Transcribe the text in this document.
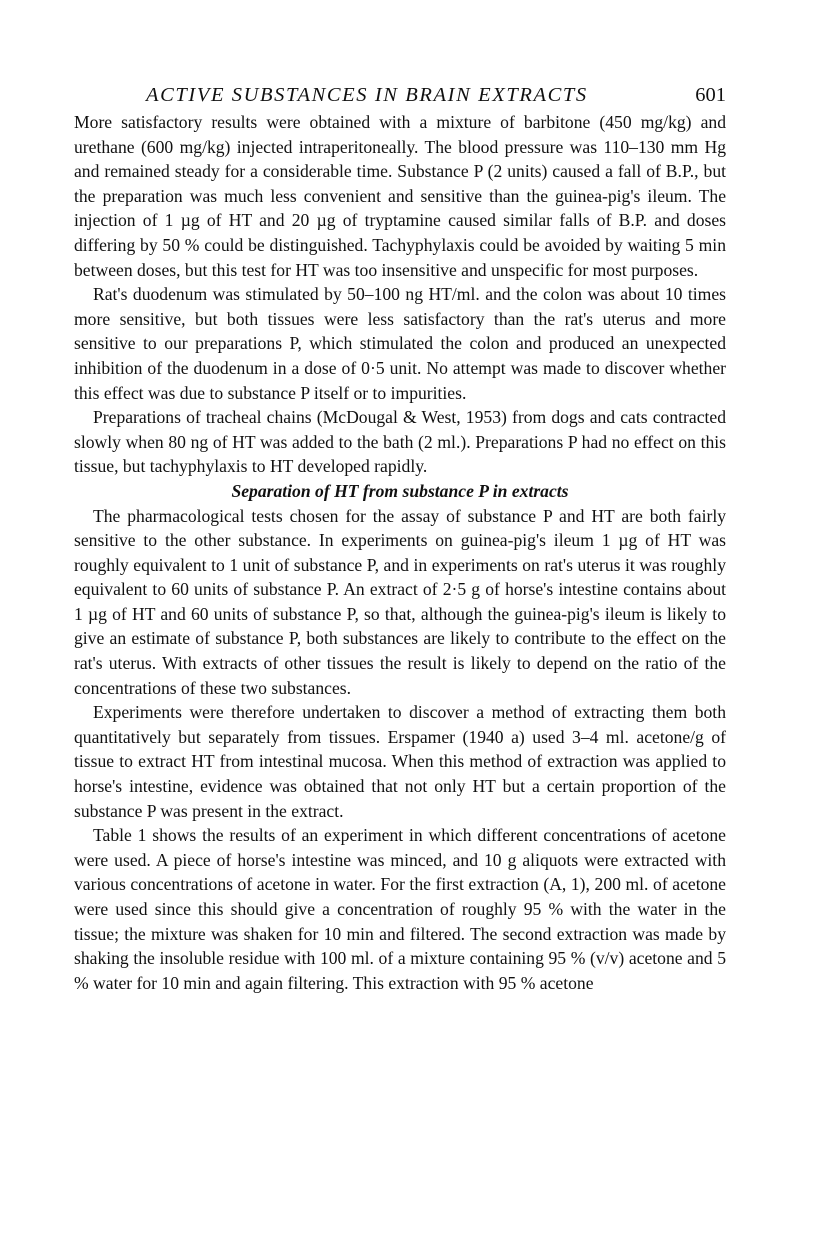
ACTIVE SUBSTANCES IN BRAIN EXTRACTS	601

More satisfactory results were obtained with a mixture of barbitone (450 mg/kg) and urethane (600 mg/kg) injected intraperitoneally. The blood pressure was 110–130 mm Hg and remained steady for a considerable time. Substance P (2 units) caused a fall of B.P., but the preparation was much less convenient and sensitive than the guinea-pig's ileum. The injection of 1 µg of HT and 20 µg of tryptamine caused similar falls of B.P. and doses differing by 50 % could be distinguished. Tachyphylaxis could be avoided by waiting 5 min between doses, but this test for HT was too insensitive and unspecific for most purposes.

Rat's duodenum was stimulated by 50–100 ng HT/ml. and the colon was about 10 times more sensitive, but both tissues were less satisfactory than the rat's uterus and more sensitive to our preparations P, which stimulated the colon and produced an unexpected inhibition of the duodenum in a dose of 0·5 unit. No attempt was made to discover whether this effect was due to substance P itself or to impurities.

Preparations of tracheal chains (McDougal & West, 1953) from dogs and cats contracted slowly when 80 ng of HT was added to the bath (2 ml.). Preparations P had no effect on this tissue, but tachyphylaxis to HT developed rapidly.

Separation of HT from substance P in extracts

The pharmacological tests chosen for the assay of substance P and HT are both fairly sensitive to the other substance. In experiments on guinea-pig's ileum 1 µg of HT was roughly equivalent to 1 unit of substance P, and in experiments on rat's uterus it was roughly equivalent to 60 units of substance P. An extract of 2·5 g of horse's intestine contains about 1 µg of HT and 60 units of substance P, so that, although the guinea-pig's ileum is likely to give an estimate of substance P, both substances are likely to contribute to the effect on the rat's uterus. With extracts of other tissues the result is likely to depend on the ratio of the concentrations of these two substances.

Experiments were therefore undertaken to discover a method of extracting them both quantitatively but separately from tissues. Erspamer (1940 a) used 3–4 ml. acetone/g of tissue to extract HT from intestinal mucosa. When this method of extraction was applied to horse's intestine, evidence was obtained that not only HT but a certain proportion of the substance P was present in the extract.

Table 1 shows the results of an experiment in which different concentrations of acetone were used. A piece of horse's intestine was minced, and 10 g aliquots were extracted with various concentrations of acetone in water. For the first extraction (A, 1), 200 ml. of acetone were used since this should give a concentration of roughly 95 % with the water in the tissue; the mixture was shaken for 10 min and filtered. The second extraction was made by shaking the insoluble residue with 100 ml. of a mixture containing 95 % (v/v) acetone and 5 % water for 10 min and again filtering. This extraction with 95 % acetone
